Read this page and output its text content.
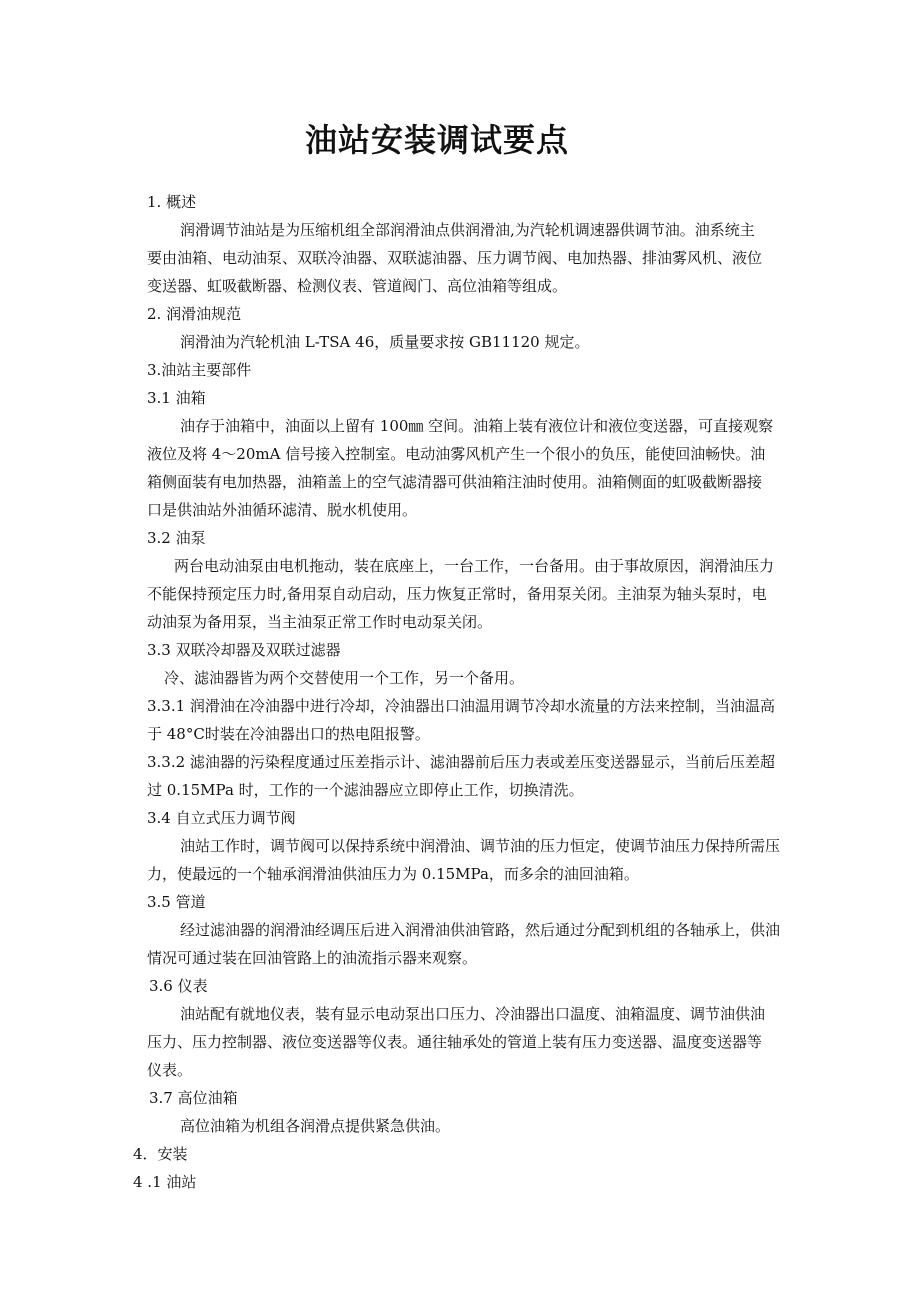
油站安装调试要点
1. 概述
润滑调节油站是为压缩机组全部润滑油点供润滑油,为汽轮机调速器供调节油。油系统主
要由油箱、电动油泵、双联冷油器、双联滤油器、压力调节阀、电加热器、排油雾风机、液位
变送器、虹吸截断器、检测仪表、管道阀门、高位油箱等组成。
2. 润滑油规范
润滑油为汽轮机油 L-TSA 46，质量要求按 GB11120 规定。
3.油站主要部件
3.1 油箱
油存于油箱中，油面以上留有 100㎜ 空间。油箱上装有液位计和液位变送器，可直接观察
液位及将 4～20mA 信号接入控制室。电动油雾风机产生一个很小的负压，能使回油畅快。油
箱侧面装有电加热器，油箱盖上的空气滤清器可供油箱注油时使用。油箱侧面的虹吸截断器接
口是供油站外油循环滤清、脱水机使用。
3.2 油泵
两台电动油泵由电机拖动，装在底座上，一台工作，一台备用。由于事故原因，润滑油压力
不能保持预定压力时,备用泵自动启动，压力恢复正常时，备用泵关闭。主油泵为轴头泵时，电
动油泵为备用泵，当主油泵正常工作时电动泵关闭。
3.3 双联冷却器及双联过滤器
冷、滤油器皆为两个交替使用一个工作，另一个备用。
3.3.1 润滑油在冷油器中进行冷却，冷油器出口油温用调节冷却水流量的方法来控制，当油温高
于 48°C时装在冷油器出口的热电阻报警。
3.3.2 滤油器的污染程度通过压差指示计、滤油器前后压力表或差压变送器显示，当前后压差超
过 0.15MPa 时，工作的一个滤油器应立即停止工作，切换清洗。
3.4 自立式压力调节阀
油站工作时，调节阀可以保持系统中润滑油、调节油的压力恒定，使调节油压力保持所需压
力，使最远的一个轴承润滑油供油压力为 0.15MPa，而多余的油回油箱。
3.5 管道
经过滤油器的润滑油经调压后进入润滑油供油管路，然后通过分配到机组的各轴承上，供油
情况可通过装在回油管路上的油流指示器来观察。
3.6 仪表
油站配有就地仪表，装有显示电动泵出口压力、冷油器出口温度、油箱温度、调节油供油
压力、压力控制器、液位变送器等仪表。通往轴承处的管道上装有压力变送器、温度变送器等
仪表。
3.7 高位油箱
高位油箱为机组各润滑点提供紧急供油。
4．安装
4 .1 油站
